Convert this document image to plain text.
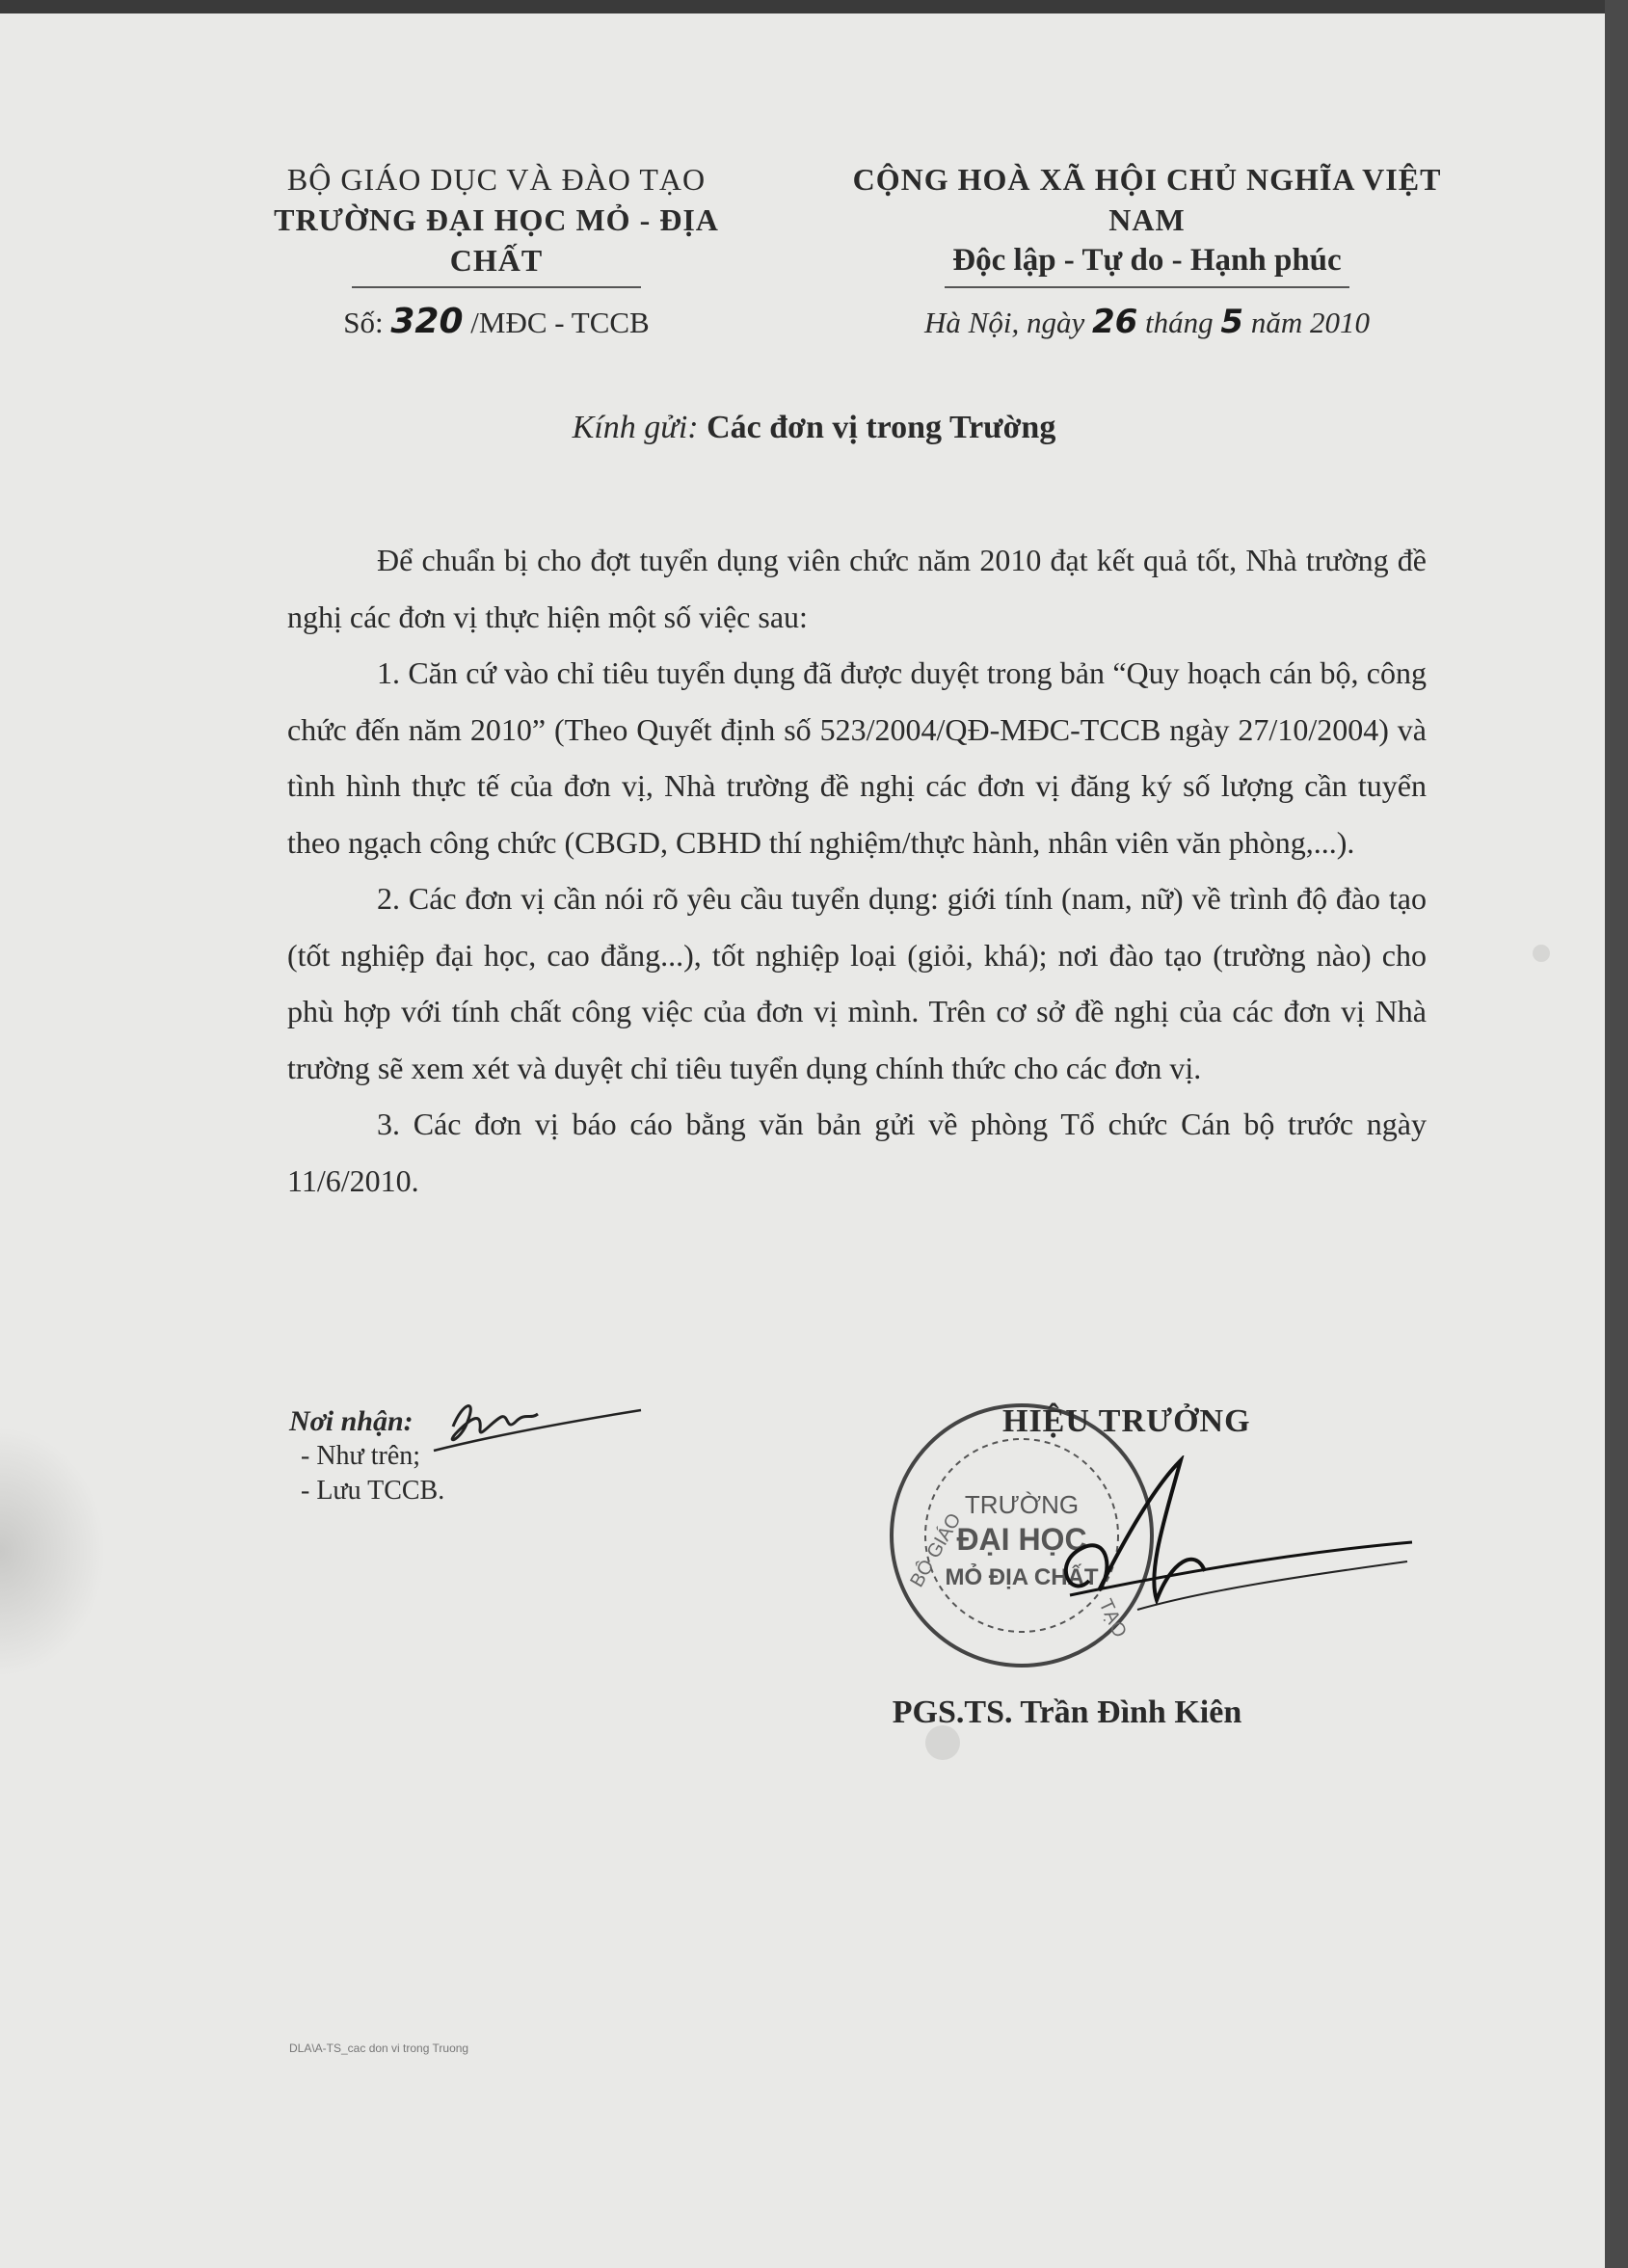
BỘ GIÁO DỤC VÀ ĐÀO TẠO
TRƯỜNG ĐẠI HỌC MỎ - ĐỊA CHẤT
Số: 320 /MĐC - TCCB
CỘNG HOÀ XÃ HỘI CHỦ NGHĨA VIỆT NAM
Độc lập - Tự do - Hạnh phúc
Hà Nội, ngày 26 tháng 5 năm 2010
Kính gửi: Các đơn vị trong Trường

Để chuẩn bị cho đợt tuyển dụng viên chức năm 2010 đạt kết quả tốt, Nhà trường đề nghị các đơn vị thực hiện một số việc sau:

1. Căn cứ vào chỉ tiêu tuyển dụng đã được duyệt trong bản “Quy hoạch cán bộ, công chức đến năm 2010” (Theo Quyết định số 523/2004/QĐ-MĐC-TCCB ngày 27/10/2004) và tình hình thực tế của đơn vị, Nhà trường đề nghị các đơn vị đăng ký số lượng cần tuyển theo ngạch công chức (CBGD, CBHD thí nghiệm/thực hành, nhân viên văn phòng,...).

2. Các đơn vị cần nói rõ yêu cầu tuyển dụng: giới tính (nam, nữ) về trình độ đào tạo (tốt nghiệp đại học, cao đẳng...), tốt nghiệp loại (giỏi, khá); nơi đào tạo (trường nào) cho phù hợp với tính chất công việc của đơn vị mình. Trên cơ sở đề nghị của các đơn vị Nhà trường sẽ xem xét và duyệt chỉ tiêu tuyển dụng chính thức cho các đơn vị.

3. Các đơn vị báo cáo bằng văn bản gửi về phòng Tổ chức Cán bộ trước ngày 11/6/2010.

Nơi nhận:
- Như trên;
- Lưu TCCB.	TRƯỜNG
ĐẠI HỌC
MỎ ĐỊA CHẤT
BỘ GIÁO
TẠO
HIỆU TRƯỞNG
PGS.TS. Trần Đình Kiên
DLA\A-TS_cac don vi trong Truong
